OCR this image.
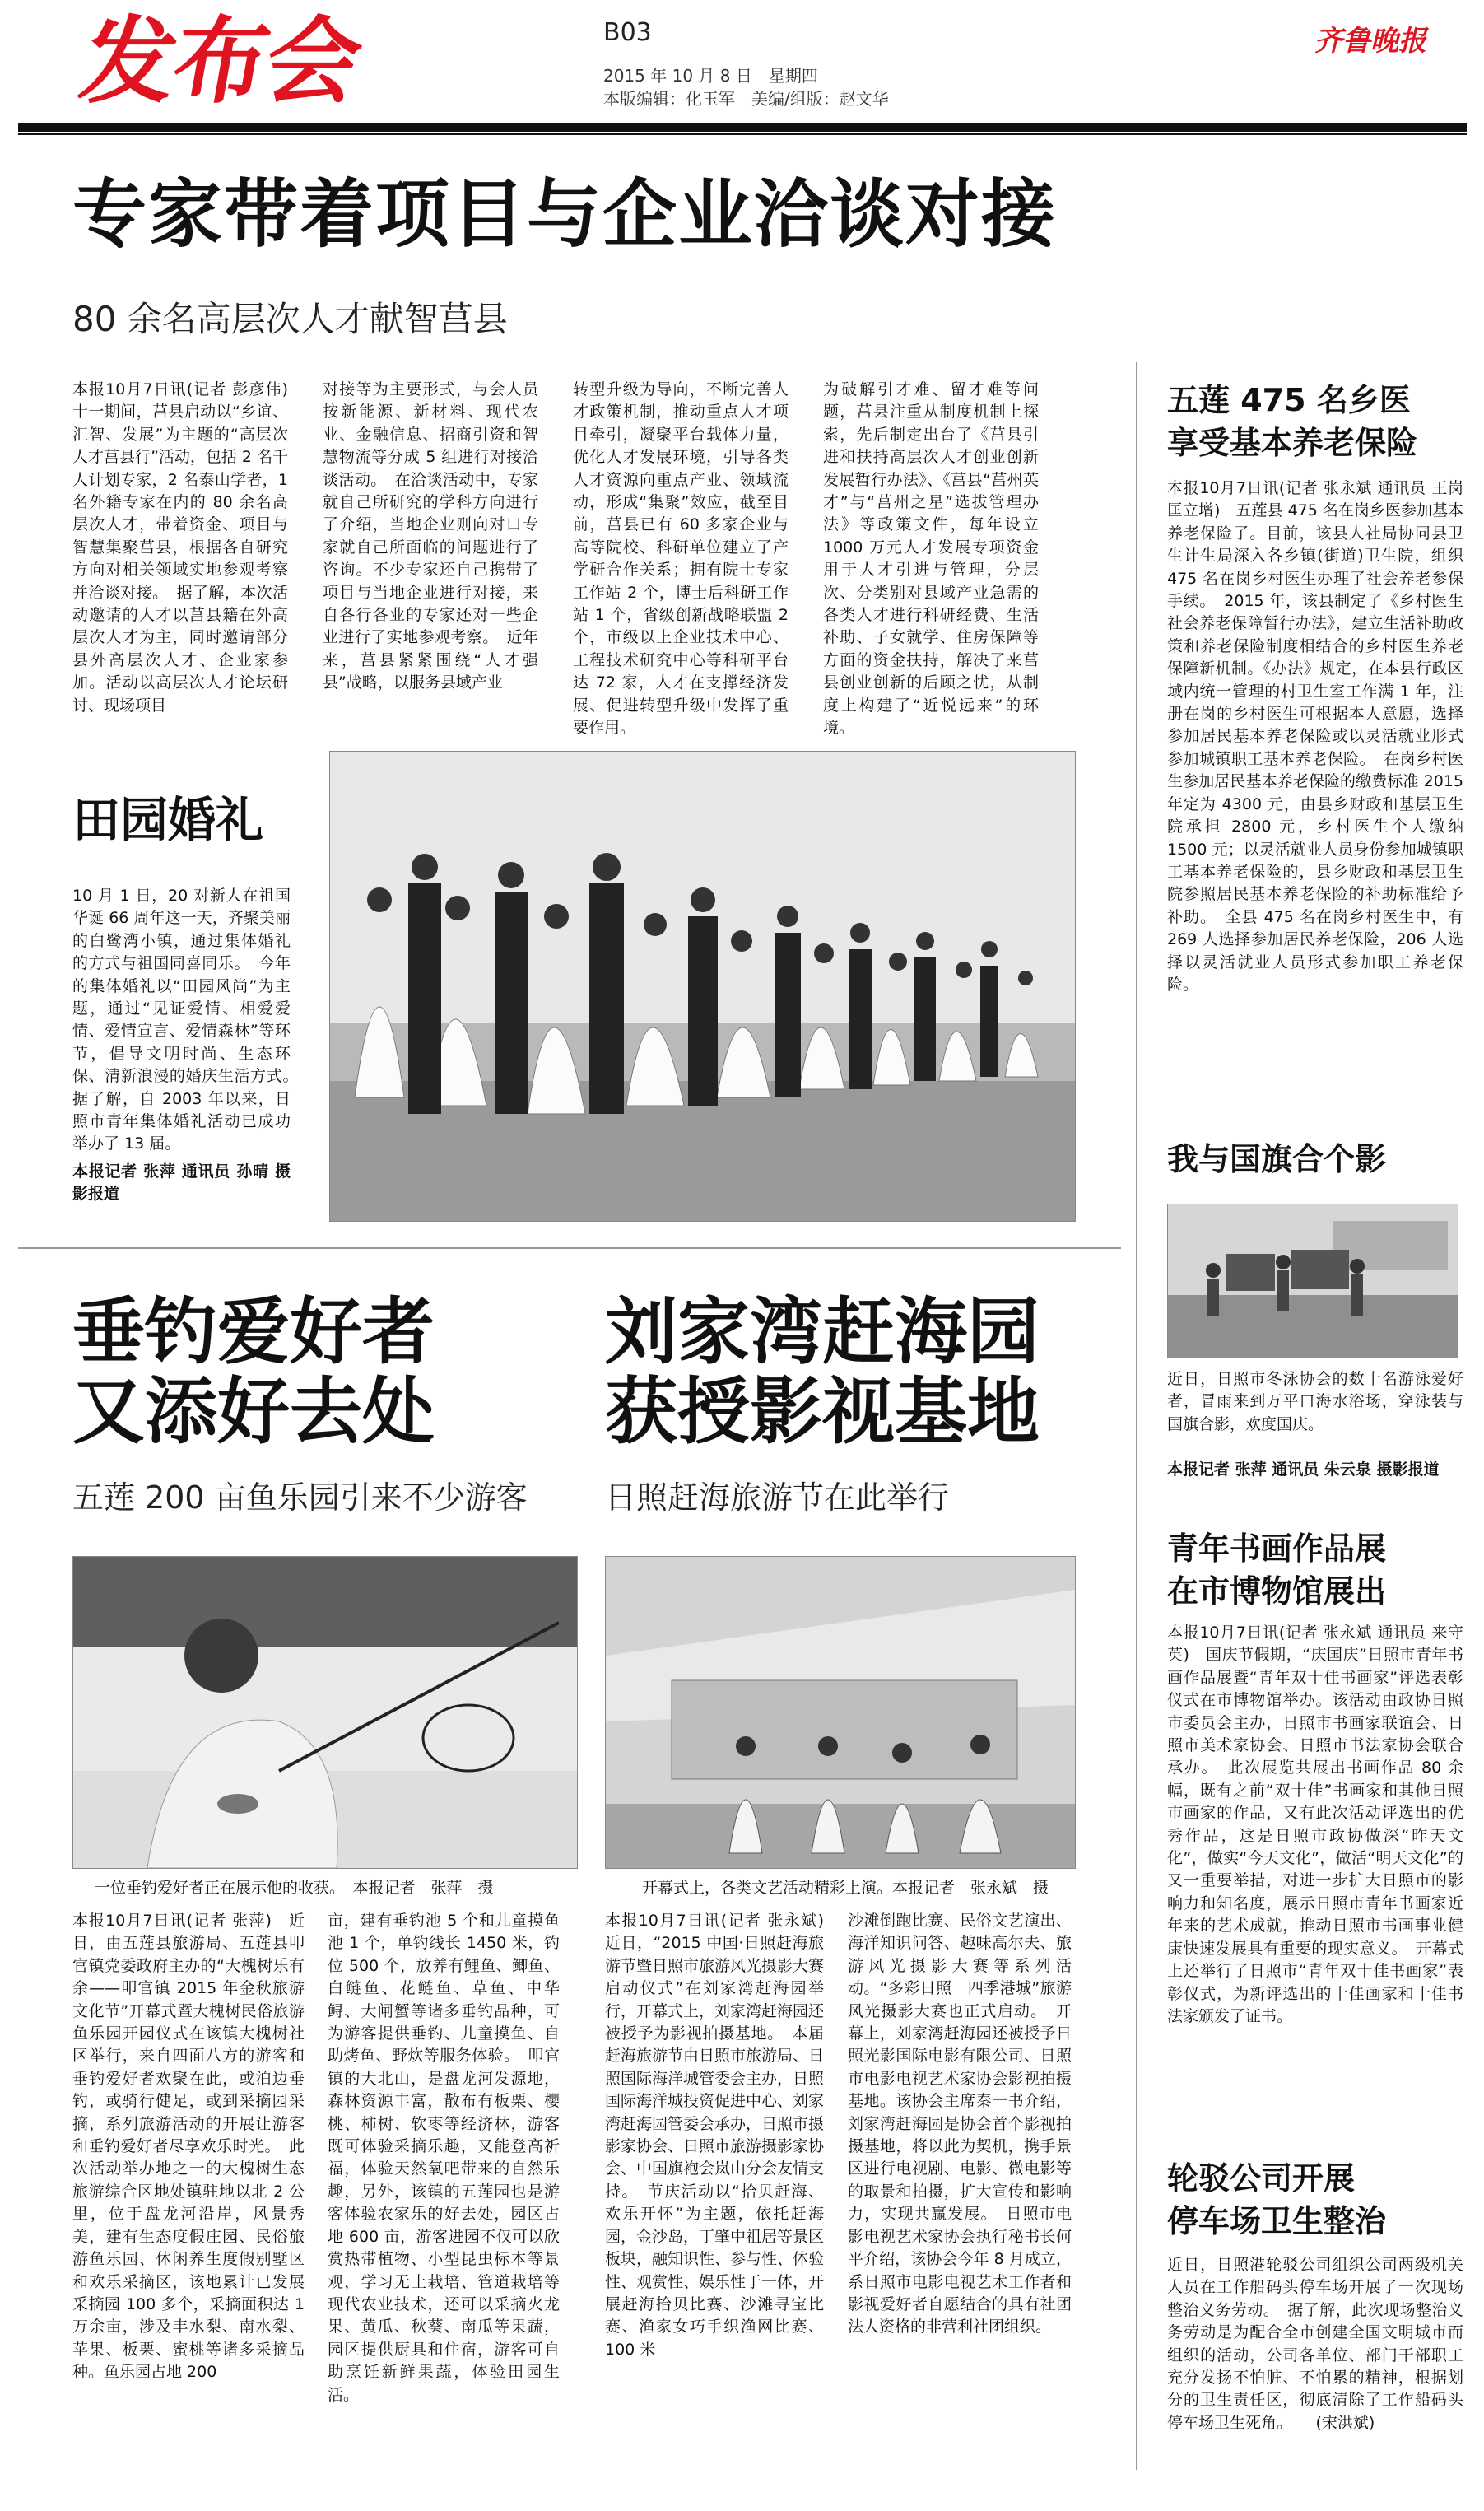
发布会	B03	齐鲁晚报
2015 年 10 月 8 日　星期四
本版编辑：化玉军　美编/组版：赵文华
专家带着项目与企业洽谈对接
80 余名高层次人才献智莒县
本报10月7日讯(记者 彭彦伟)　十一期间，莒县启动以“乡谊、汇智、发展”为主题的“高层次人才莒县行”活动，包括 2 名千人计划专家，2 名泰山学者，1 名外籍专家在内的 80 余名高层次人才，带着资金、项目与智慧集聚莒县，根据各自研究方向对相关领域实地参观考察并洽谈对接。　据了解，本次活动邀请的人才以莒县籍在外高层次人才为主，同时邀请部分县外高层次人才、企业家参加。活动以高层次人才论坛研讨、现场项目
对接等为主要形式，与会人员按新能源、新材料、现代农业、金融信息、招商引资和智慧物流等分成 5 组进行对接洽谈活动。　在洽谈活动中，专家就自己所研究的学科方向进行了介绍，当地企业则向对口专家就自己所面临的问题进行了咨询。不少专家还自己携带了项目与当地企业进行对接，来自各行各业的专家还对一些企业进行了实地参观考察。　近年来，莒县紧紧围绕“人才强县”战略，以服务县域产业
转型升级为导向，不断完善人才政策机制，推动重点人才项目牵引，凝聚平台载体力量，优化人才发展环境，引导各类人才资源向重点产业、领域流动，形成“集聚”效应，截至目前，莒县已有 60 多家企业与高等院校、科研单位建立了产学研合作关系；拥有院士专家工作站 2 个，博士后科研工作站 1 个，省级创新战略联盟 2 个，市级以上企业技术中心、工程技术研究中心等科研平台达 72 家，人才在支撑经济发展、促进转型升级中发挥了重要作用。
为破解引才难、留才难等问题，莒县注重从制度机制上探索，先后制定出台了《莒县引进和扶持高层次人才创业创新发展暂行办法》、《莒县“莒州英才”与“莒州之星”选拔管理办法》等政策文件，每年设立 1000 万元人才发展专项资金用于人才引进与管理，分层次、分类别对县域产业急需的各类人才进行科研经费、生活补助、子女就学、住房保障等方面的资金扶持，解决了来莒县创业创新的后顾之忧，从制度上构建了“近悦远来”的环境。
五莲 475 名乡医
享受基本养老保险
本报10月7日讯(记者 张永斌 通讯员 王岗 匡立增)　五莲县 475 名在岗乡医参加基本养老保险了。目前，该县人社局协同县卫生计生局深入各乡镇(街道)卫生院，组织 475 名在岗乡村医生办理了社会养老参保手续。　2015 年，该县制定了《乡村医生社会养老保障暂行办法》，建立生活补助政策和养老保险制度相结合的乡村医生养老保障新机制。《办法》规定，在本县行政区域内统一管理的村卫生室工作满 1 年，注册在岗的乡村医生可根据本人意愿，选择参加居民基本养老保险或以灵活就业形式参加城镇职工基本养老保险。　在岗乡村医生参加居民基本养老保险的缴费标准 2015 年定为 4300 元，由县乡财政和基层卫生院承担 2800 元，乡村医生个人缴纳 1500 元；以灵活就业人员身份参加城镇职工基本养老保险的，县乡财政和基层卫生院参照居民基本养老保险的补助标准给予补助。　全县 475 名在岗乡村医生中，有 269 人选择参加居民养老保险，206 人选择以灵活就业人员形式参加职工养老保险。
田园婚礼
10 月 1 日，20 对新人在祖国华诞 66 周年这一天，齐聚美丽的白鹭湾小镇，通过集体婚礼的方式与祖国同喜同乐。　今年的集体婚礼以“田园风尚”为主题，通过“见证爱情、相爱爱情、爱情宣言、爱情森林”等环节，倡导文明时尚、生态环保、清新浪漫的婚庆生活方式。　据了解，自 2003 年以来，日照市青年集体婚礼活动已成功举办了 13 届。
本报记者 张萍 通讯员 孙晴 摄影报道
我与国旗合个影
近日，日照市冬泳协会的数十名游泳爱好者，冒雨来到万平口海水浴场，穿泳装与国旗合影，欢度国庆。
本报记者 张萍 通讯员 朱云泉 摄影报道
青年书画作品展
在市博物馆展出
本报10月7日讯(记者 张永斌 通讯员 来守英)　国庆节假期，“庆国庆”日照市青年书画作品展暨“青年双十佳书画家”评选表彰仪式在市博物馆举办。该活动由政协日照市委员会主办，日照市书画家联谊会、日照市美术家协会、日照市书法家协会联合承办。　此次展览共展出书画作品 80 余幅，既有之前“双十佳”书画家和其他日照市画家的作品，又有此次活动评选出的优秀作品，这是日照市政协做深“昨天文化”，做实“今天文化”，做活“明天文化”的又一重要举措，对进一步扩大日照市的影响力和知名度，展示日照市青年书画家近年来的艺术成就，推动日照市书画事业健康快速发展具有重要的现实意义。　开幕式上还举行了日照市“青年双十佳书画家”表彰仪式，为新评选出的十佳画家和十佳书法家颁发了证书。
轮驳公司开展
停车场卫生整治
近日，日照港轮驳公司组织公司两级机关人员在工作船码头停车场开展了一次现场整治义务劳动。　据了解，此次现场整治义务劳动是为配合全市创建全国文明城市而组织的活动，公司各单位、部门干部职工充分发扬不怕脏、不怕累的精神，根据划分的卫生责任区，彻底清除了工作船码头停车场卫生死角。　　(宋洪斌)
垂钓爱好者
又添好去处
五莲 200 亩鱼乐园引来不少游客
一位垂钓爱好者正在展示他的收获。　本报记者　张萍　摄
本报10月7日讯(记者 张萍)　近日，由五莲县旅游局、五莲县叩官镇党委政府主办的“大槐树乐有余——叩官镇 2015 年金秋旅游文化节”开幕式暨大槐树民俗旅游鱼乐园开园仪式在该镇大槐树社区举行，来自四面八方的游客和垂钓爱好者欢聚在此，或泊边垂钓，或骑行健足，或到采摘园采摘，系列旅游活动的开展让游客和垂钓爱好者尽享欢乐时光。　此次活动举办地之一的大槐树生态旅游综合区地处镇驻地以北 2 公里，位于盘龙河沿岸，风景秀美，建有生态度假庄园、民俗旅游鱼乐园、休闲养生度假别墅区和欢乐采摘区，该地累计已发展采摘园 100 多个，采摘面积达 1 万余亩，涉及丰水梨、南水梨、苹果、板栗、蜜桃等诸多采摘品种。鱼乐园占地 200
亩，建有垂钓池 5 个和儿童摸鱼池 1 个，单钓线长 1450 米，钓位 500 个，放养有鲤鱼、鲫鱼、白鲢鱼、花鲢鱼、草鱼、中华鲟、大闸蟹等诸多垂钓品种，可为游客提供垂钓、儿童摸鱼、自助烤鱼、野炊等服务体验。　叩官镇的大北山，是盘龙河发源地，森林资源丰富，散布有板栗、樱桃、柿树、软枣等经济林，游客既可体验采摘乐趣，又能登高祈福，体验天然氧吧带来的自然乐趣，另外，该镇的五莲园也是游客体验农家乐的好去处，园区占地 600 亩，游客进园不仅可以欣赏热带植物、小型昆虫标本等景观，学习无土栽培、管道栽培等现代农业技术，还可以采摘火龙果、黄瓜、秋葵、南瓜等果蔬，园区提供厨具和住宿，游客可自助烹饪新鲜果蔬，体验田园生活。
刘家湾赶海园
获授影视基地
日照赶海旅游节在此举行
开幕式上，各类文艺活动精彩上演。本报记者　张永斌　摄
本报10月7日讯(记者 张永斌)　近日，“2015 中国·日照赶海旅游节暨日照市旅游风光摄影大赛启动仪式”在刘家湾赶海园举行，开幕式上，刘家湾赶海园还被授予为影视拍摄基地。　本届赶海旅游节由日照市旅游局、日照国际海洋城管委会主办，日照国际海洋城投资促进中心、刘家湾赶海园管委会承办，日照市摄影家协会、日照市旅游摄影家协会、中国旗袍会岚山分会友情支持。　节庆活动以“拾贝赶海、欢乐开怀”为主题，依托赶海园，金沙岛，丁肇中祖居等景区板块，融知识性、参与性、体验性、观赏性、娱乐性于一体，开展赶海拾贝比赛、沙滩寻宝比赛、渔家女巧手织渔网比赛、100 米
沙滩倒跑比赛、民俗文艺演出、海洋知识问答、趣味高尔夫、旅游风光摄影大赛等系列活动。“多彩日照　四季港城”旅游风光摄影大赛也正式启动。　开幕上，刘家湾赶海园还被授予日照光影国际电影有限公司、日照市电影电视艺术家协会影视拍摄基地。该协会主席秦一书介绍，刘家湾赶海园是协会首个影视拍摄基地，将以此为契机，携手景区进行电视剧、电影、微电影等的取景和拍摄，扩大宣传和影响力，实现共赢发展。　日照市电影电视艺术家协会执行秘书长何平介绍，该协会今年 8 月成立，系日照市电影电视艺术工作者和影视爱好者自愿结合的具有社团法人资格的非营利社团组织。
